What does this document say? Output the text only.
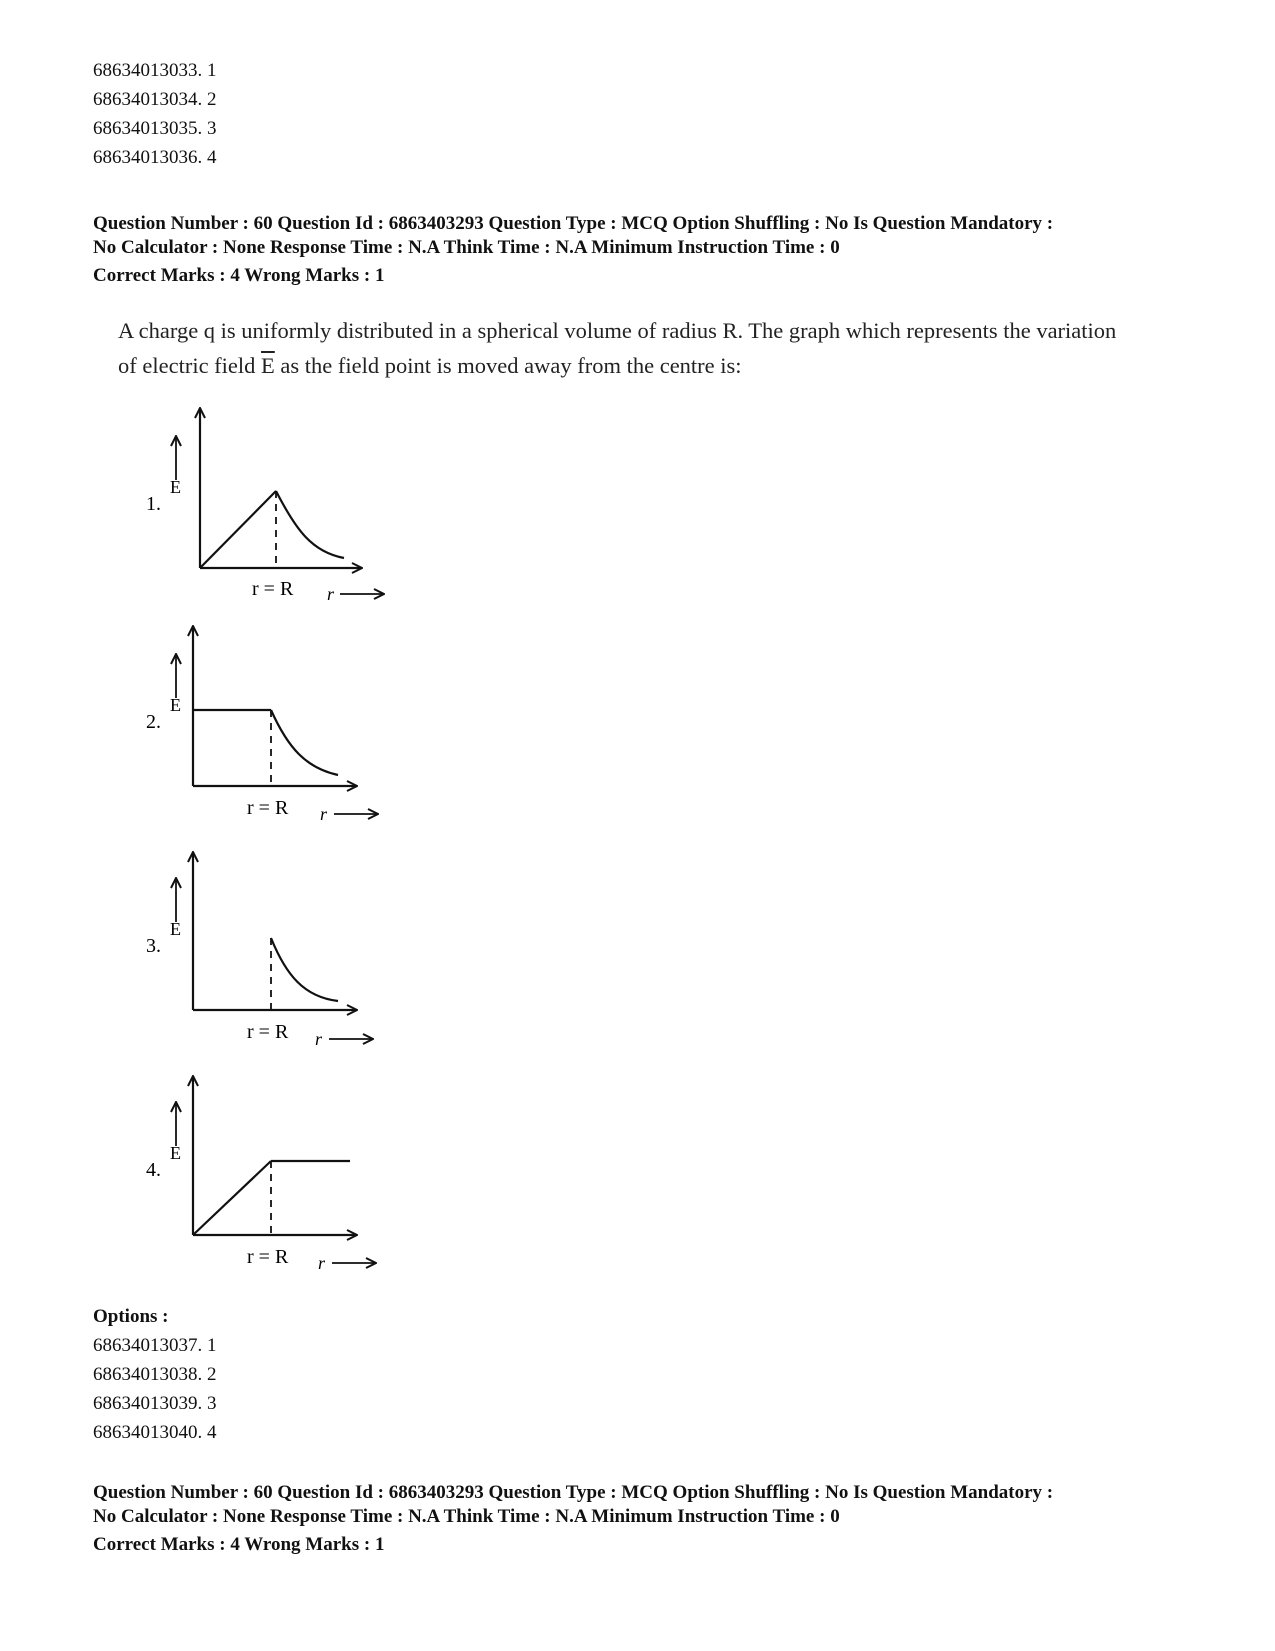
68634013033. 1
68634013034. 2
68634013035. 3
68634013036. 4
Question Number : 60 Question Id : 6863403293 Question Type : MCQ Option Shuffling : No Is Question Mandatory :
No Calculator : None Response Time : N.A Think Time : N.A Minimum Instruction Time : 0
Correct Marks : 4 Wrong Marks : 1
A charge q is uniformly distributed in a spherical volume of radius R. The graph which represents the variation
of electric field $\overline{E}$ as the field point is moved away from the centre is:
1.
E
r = R r
2.
E
r = R r
3.
E
r = R r
4.
E
r = R r
Options :
68634013037. 1
68634013038. 2
68634013039. 3
68634013040. 4
Question Number : 60 Question Id : 6863403293 Question Type : MCQ Option Shuffling : No Is Question Mandatory :
No Calculator : None Response Time : N.A Think Time : N.A Minimum Instruction Time : 0
Correct Marks : 4 Wrong Marks : 1
